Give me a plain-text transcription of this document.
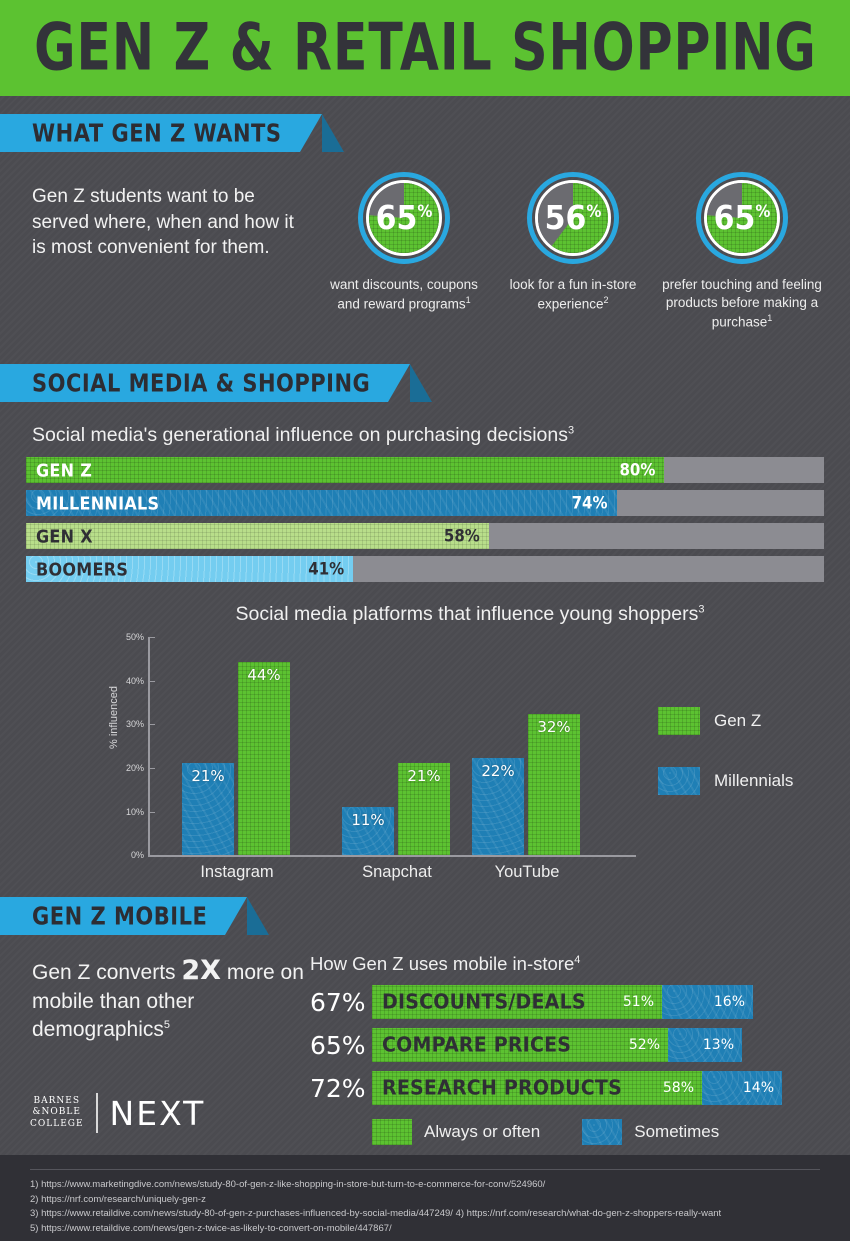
GEN Z & RETAIL SHOPPING
WHAT GEN Z WANTS
Gen Z students want to be served where, when and how it is most convenient for them.
65%
want discounts, coupons and reward programs$^1$
56%
look for a fun in-store experience$^2$
65%
prefer touching and feeling products before making a purchase$^1$
SOCIAL MEDIA & SHOPPING
Social media's generational influence on purchasing decisions$^3$
GEN Z	80%
MILLENNIALS	74%
GEN X	58%
BOOMERS	41%
Social media platforms that influence young shoppers$^3$
% influenced
0%
10%
20%
30%
40%
50%
21%
44%
Instagram
11%
21%
Snapchat
22%
32%
YouTube
Gen Z
Millennials
GEN Z MOBILE
Gen Z converts 2X more on mobile than other demographics$^5$
How Gen Z uses mobile in-store$^4$
67% DISCOUNTS/DEALS	51%	16%
65% COMPARE PRICES	52%	13%
72% RESEARCH PRODUCTS	58%	14%
Always or often	Sometimes
BARNES
&NOBLE
COLLEGE NEXT

1) https://www.marketingdive.com/news/study-80-of-gen-z-like-shopping-in-store-but-turn-to-e-commerce-for-conv/524960/

2) https://nrf.com/research/uniquely-gen-z

3) https://www.retaildive.com/news/study-80-of-gen-z-purchases-influenced-by-social-media/447249/ 4) https://nrf.com/research/what-do-gen-z-shoppers-really-want

5) https://www.retaildive.com/news/gen-z-twice-as-likely-to-convert-on-mobile/447867/
